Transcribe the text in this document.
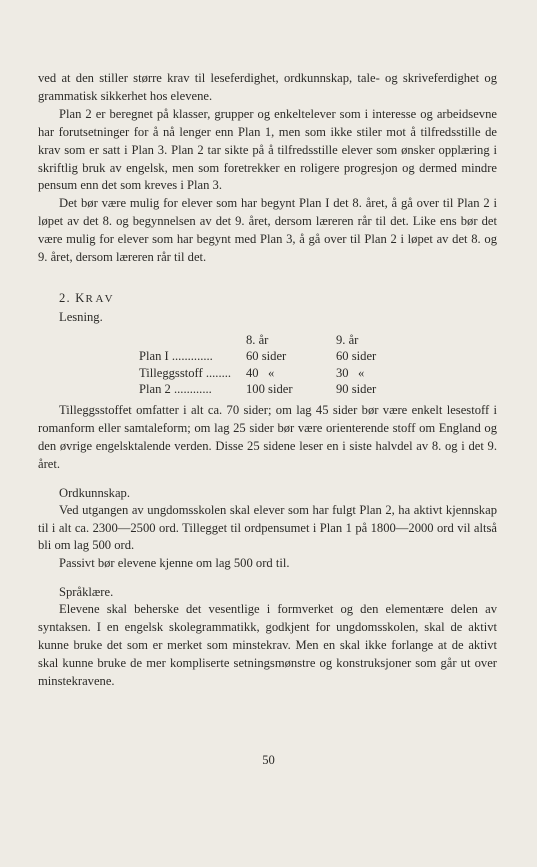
ved at den stiller større krav til leseferdighet, ordkunnskap, tale- og skriveferdighet og grammatisk sikkerhet hos elevene.

Plan 2 er beregnet på klasser, grupper og enkeltelever som i interesse og arbeidsevne har forutsetninger for å nå lenger enn Plan 1, men som ikke stiler mot å tilfredsstille de krav som er satt i Plan 3. Plan 2 tar sikte på å tilfredsstille elever som ønsker opplæring i skriftlig bruk av engelsk, men som foretrekker en roligere progresjon og dermed mindre pensum enn det som kreves i Plan 3.

Det bør være mulig for elever som har begynt Plan I det 8. året, å gå over til Plan 2 i løpet av det 8. og begynnelsen av det 9. året, dersom læreren rår til det. Like ens bør det være mulig for elever som har begynt med Plan 3, å gå over til Plan 2 i løpet av det 8. og 9. året, dersom læreren rår til det.

2. KRAV
Lesning.
	8. år	9. år
Plan I .............	60 sider	60 sider
Tilleggsstoff ........	40   «	30   «
Plan 2 ............	100 sider	90 sider

Tilleggsstoffet omfatter i alt ca. 70 sider; om lag 45 sider bør være enkelt lesestoff i romanform eller samtaleform; om lag 25 sider bør være orienterende stoff om England og den øvrige engelsktalende verden. Disse 25 sidene leser en i siste halvdel av 8. og i det 9. året.

Ordkunnskap.

Ved utgangen av ungdomsskolen skal elever som har fulgt Plan 2, ha aktivt kjennskap til i alt ca. 2300—2500 ord. Tillegget til ordpensumet i Plan 1 på 1800—2000 ord vil altså bli om lag 500 ord.

Passivt bør elevene kjenne om lag 500 ord til.

Språklære.

Elevene skal beherske det vesentlige i formverket og den elementære delen av syntaksen. I en engelsk skolegrammatikk, godkjent for ungdomsskolen, skal de aktivt kunne bruke det som er merket som minstekrav. Men en skal ikke forlange at de aktivt skal kunne bruke de mer kompliserte setningsmønstre og konstruksjoner som går ut over minstekravene.

50
